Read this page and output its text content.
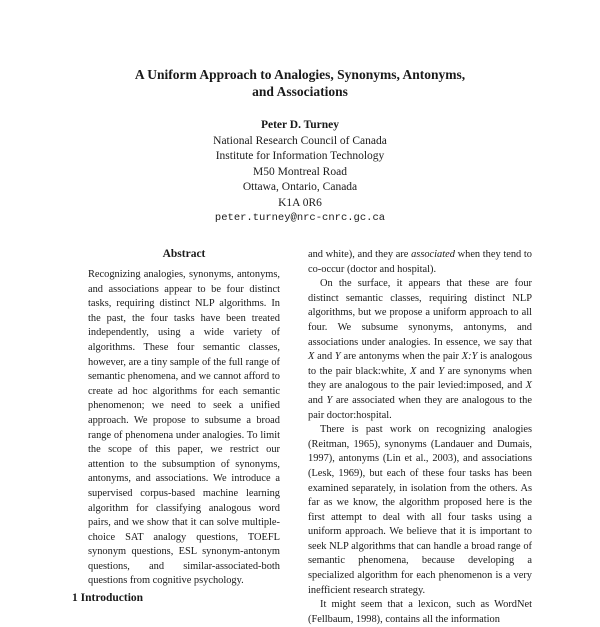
A Uniform Approach to Analogies, Synonyms, Antonyms,
and Associations
Peter D. Turney
National Research Council of Canada
Institute for Information Technology
M50 Montreal Road
Ottawa, Ontario, Canada
K1A 0R6
peter.turney@nrc-cnrc.gc.ca
Abstract

Recognizing analogies, synonyms, antonyms, and associations appear to be four distinct tasks, requiring distinct NLP algorithms. In the past, the four tasks have been treated independently, using a wide variety of algorithms. These four semantic classes, however, are a tiny sample of the full range of semantic phenomena, and we cannot afford to create ad hoc algorithms for each semantic phenomenon; we need to seek a unified approach. We propose to subsume a broad range of phenomena under analogies. To limit the scope of this paper, we restrict our attention to the subsumption of synonyms, antonyms, and associations. We introduce a supervised corpus-based machine learning algorithm for classifying analogous word pairs, and we show that it can solve multiple-choice SAT analogy questions, TOEFL synonym questions, ESL synonym-antonym questions, and similar-associated-both questions from cognitive psychology.

and white), and they are associated when they tend to co-occur (doctor and hospital).

On the surface, it appears that these are four distinct semantic classes, requiring distinct NLP algorithms, but we propose a uniform approach to all four. We subsume synonyms, antonyms, and associations under analogies. In essence, we say that X and Y are antonyms when the pair X:Y is analogous to the pair black:white, X and Y are synonyms when they are analogous to the pair levied:imposed, and X and Y are associated when they are analogous to the pair doctor:hospital.

There is past work on recognizing analogies (Reitman, 1965), synonyms (Landauer and Dumais, 1997), antonyms (Lin et al., 2003), and associations (Lesk, 1969), but each of these four tasks has been examined separately, in isolation from the others. As far as we know, the algorithm proposed here is the first attempt to deal with all four tasks using a uniform approach. We believe that it is important to seek NLP algorithms that can handle a broad range of semantic phenomena, because developing a specialized algorithm for each phenomenon is a very inefficient research strategy.

It might seem that a lexicon, such as WordNet (Fellbaum, 1998), contains all the information

1 Introduction
